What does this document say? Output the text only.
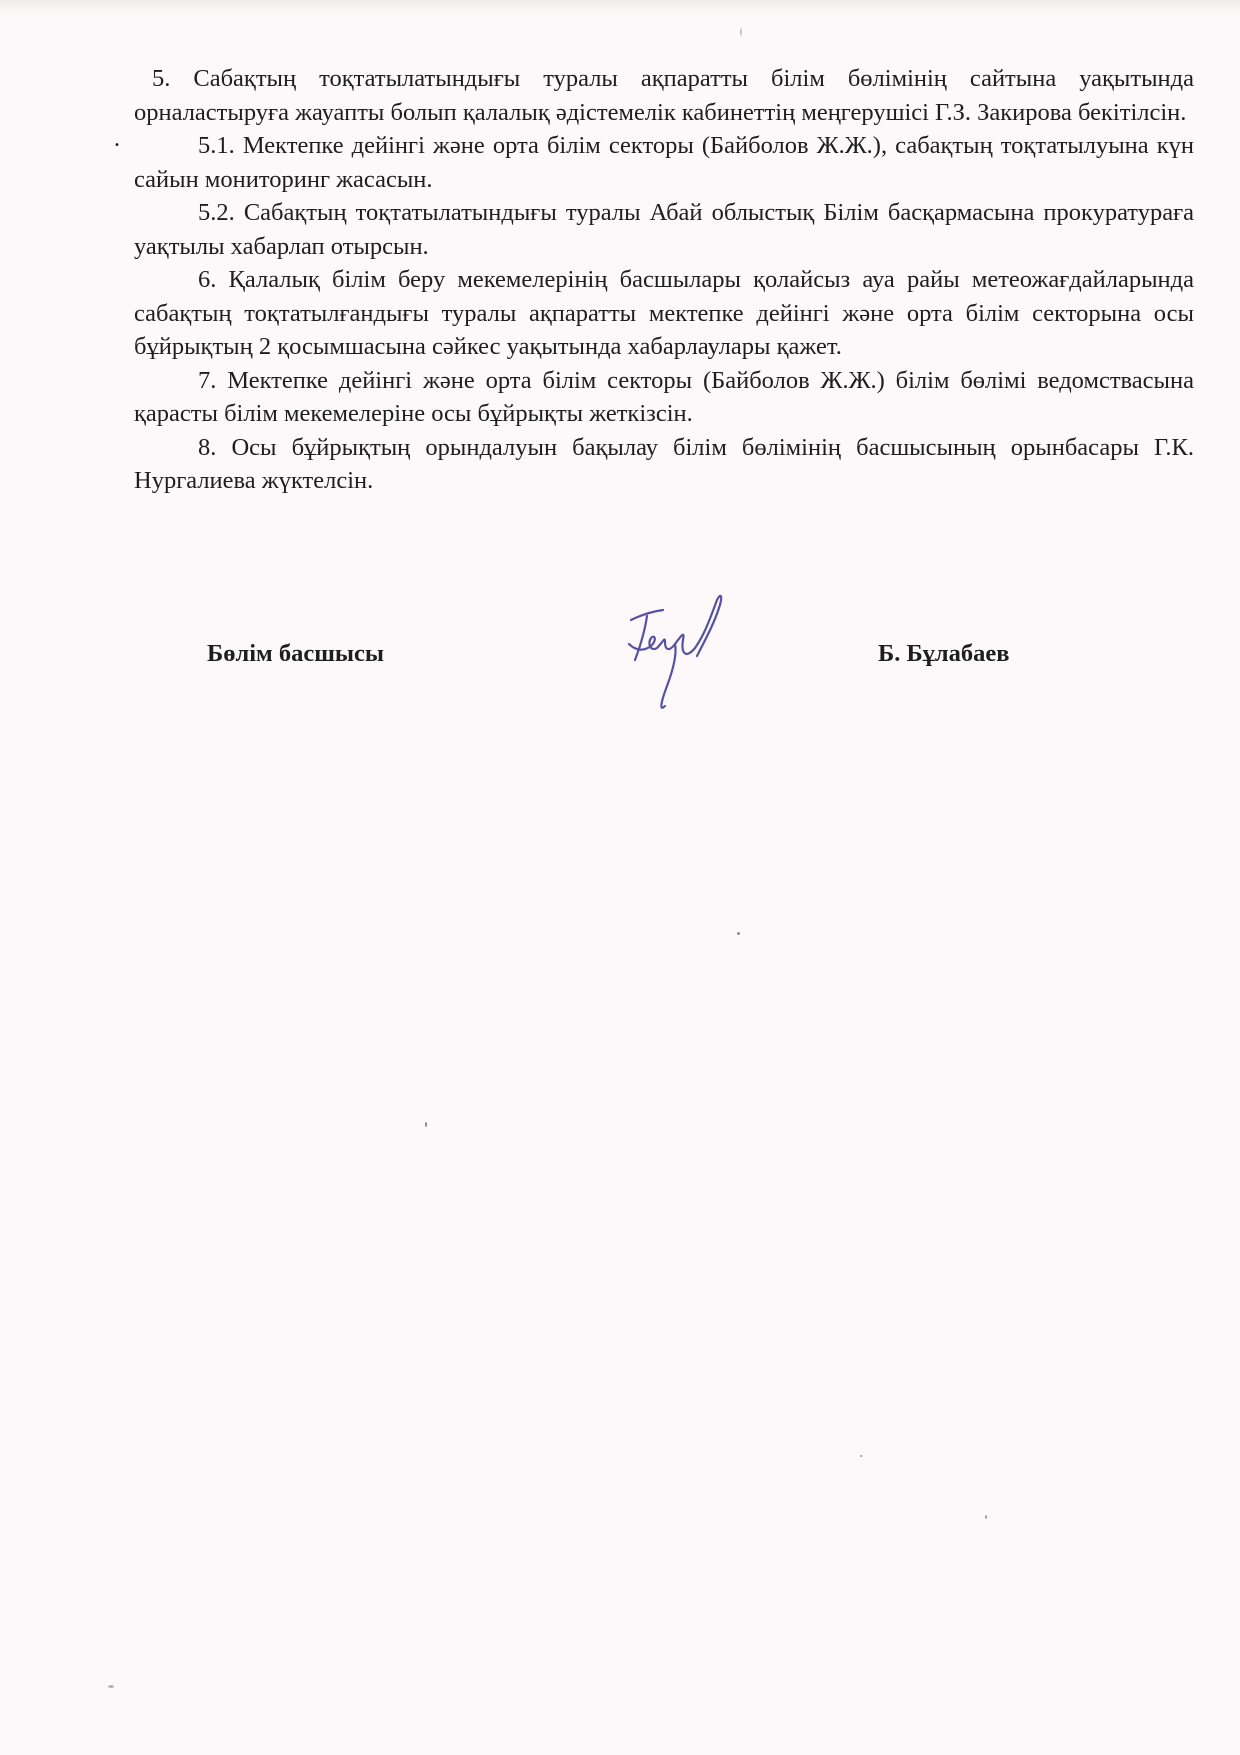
.

5. Сабақтың тоқтатылатындығы туралы ақпаратты білім бөлімінің сайтына уақытында орналастыруға жауапты болып қалалық әдістемелік кабинеттің меңгерушісі Г.З. Закирова бекітілсін.

5.1. Мектепке дейінгі және орта білім секторы (Байболов Ж.Ж.), сабақтың тоқтатылуына күн сайын мониторинг жасасын.

5.2. Сабақтың тоқтатылатындығы туралы Абай облыстық Білім басқармасына прокуратураға уақтылы хабарлап отырсын.

6. Қалалық білім беру мекемелерінің басшылары қолайсыз ауа райы метеожағдайларында сабақтың тоқтатылғандығы туралы ақпаратты мектепке дейінгі және орта білім секторына осы бұйрықтың 2 қосымшасына сәйкес уақытында хабарлаулары қажет.

7. Мектепке дейінгі және орта білім секторы (Байболов Ж.Ж.) білім бөлімі ведомствасына қарасты білім мекемелеріне осы бұйрықты жеткізсін.

8. Осы бұйрықтың орындалуын бақылау білім бөлімінің басшысының орынбасары Г.К. Нургалиева жүктелсін.

Бөлім басшысы	Б. Бұлабаев
